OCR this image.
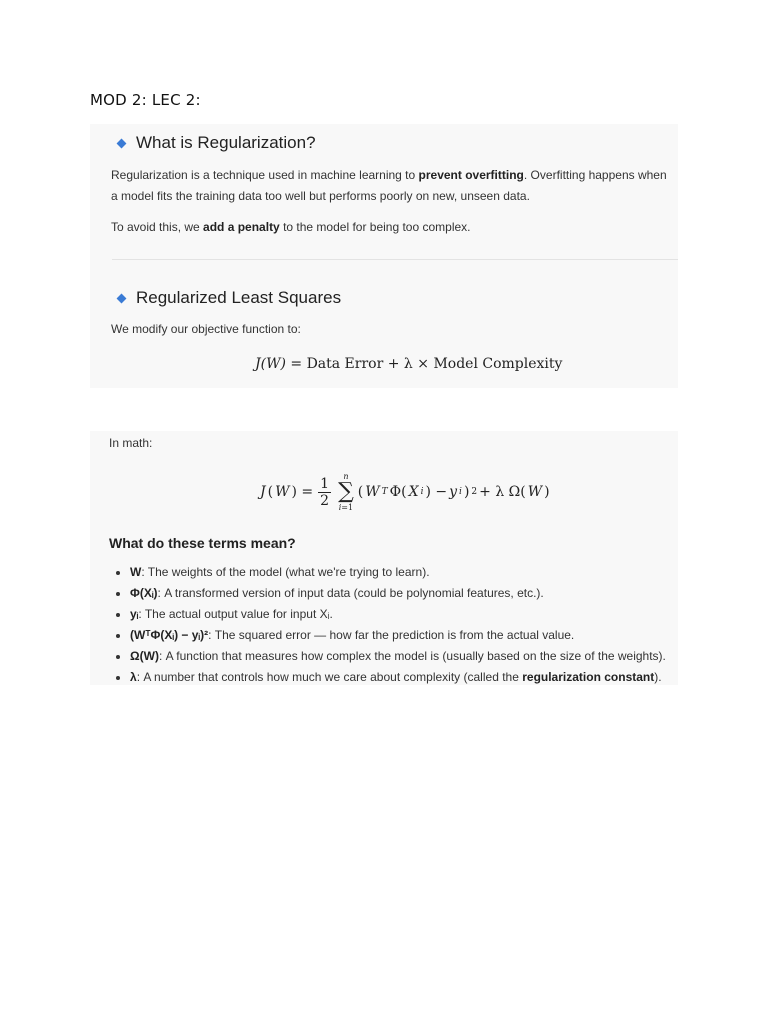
MOD 2: LEC 2:
What is Regularization?
Regularization is a technique used in machine learning to prevent overfitting. Overfitting happens when a model fits the training data too well but performs poorly on new, unseen data.
To avoid this, we add a penalty to the model for being too complex.
Regularized Least Squares
We modify our objective function to:
J(W) = Data Error + λ × Model Complexity
In math:
J ( W ) = $\frac{1}{2}$ n
∑
i=1
( W T Φ( X i ) − y i ) 2 + λ Ω( W )
What do these terms mean?
W: The weights of the model (what we're trying to learn).
Φ(Xᵢ): A transformed version of input data (could be polynomial features, etc.).
yᵢ: The actual output value for input Xᵢ.
(WᵀΦ(Xᵢ) − yᵢ)²: The squared error — how far the prediction is from the actual value.
Ω(W): A function that measures how complex the model is (usually based on the size of the weights).
λ: A number that controls how much we care about complexity (called the regularization constant).
